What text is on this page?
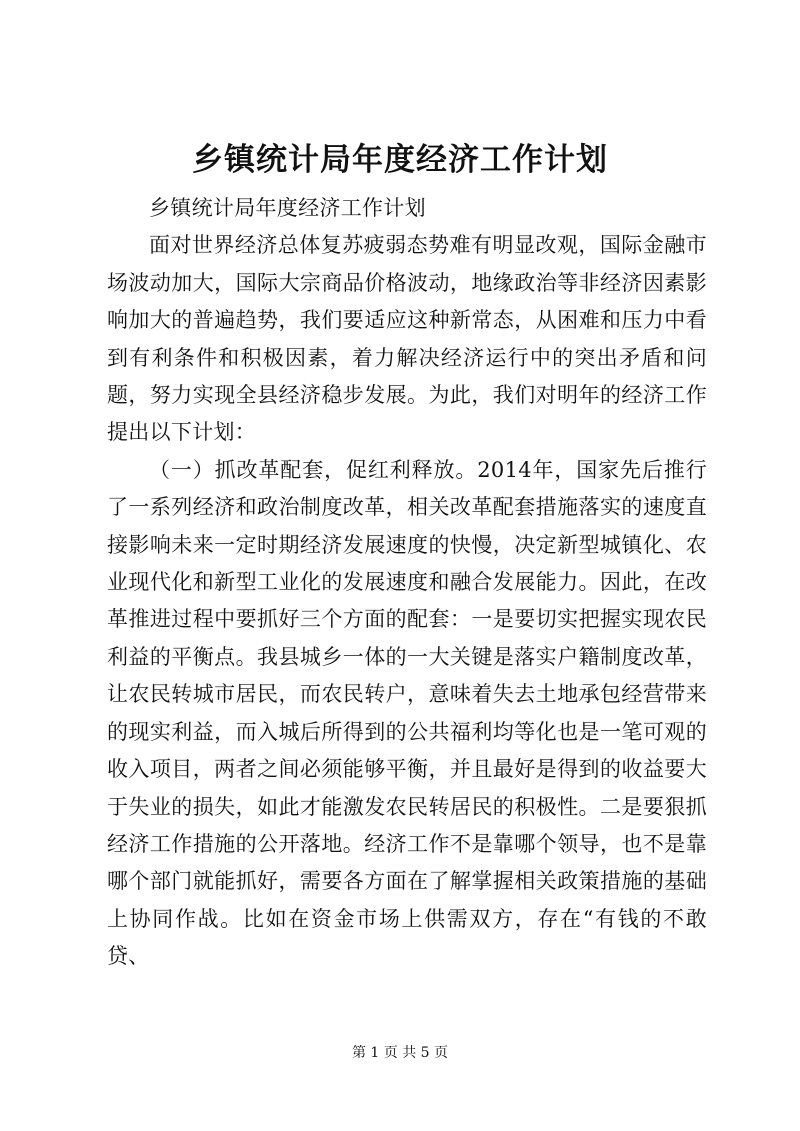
乡镇统计局年度经济工作计划

乡镇统计局年度经济工作计划

面对世界经济总体复苏疲弱态势难有明显改观，国际金融市场波动加大，国际大宗商品价格波动，地缘政治等非经济因素影响加大的普遍趋势，我们要适应这种新常态，从困难和压力中看到有利条件和积极因素，着力解决经济运行中的突出矛盾和问题，努力实现全县经济稳步发展。为此，我们对明年的经济工作提出以下计划：

（一）抓改革配套，促红利释放。2014年，国家先后推行了一系列经济和政治制度改革，相关改革配套措施落实的速度直接影响未来一定时期经济发展速度的快慢，决定新型城镇化、农业现代化和新型工业化的发展速度和融合发展能力。因此，在改革推进过程中要抓好三个方面的配套：一是要切实把握实现农民利益的平衡点。我县城乡一体的一大关键是落实户籍制度改革，让农民转城市居民，而农民转户，意味着失去土地承包经营带来的现实利益，而入城后所得到的公共福利均等化也是一笔可观的收入项目，两者之间必须能够平衡，并且最好是得到的收益要大于失业的损失，如此才能激发农民转居民的积极性。二是要狠抓经济工作措施的公开落地。经济工作不是靠哪个领导，也不是靠哪个部门就能抓好，需要各方面在了解掌握相关政策措施的基础上协同作战。比如在资金市场上供需双方，存在“有钱的不敢贷、

第 1 页 共 5 页
